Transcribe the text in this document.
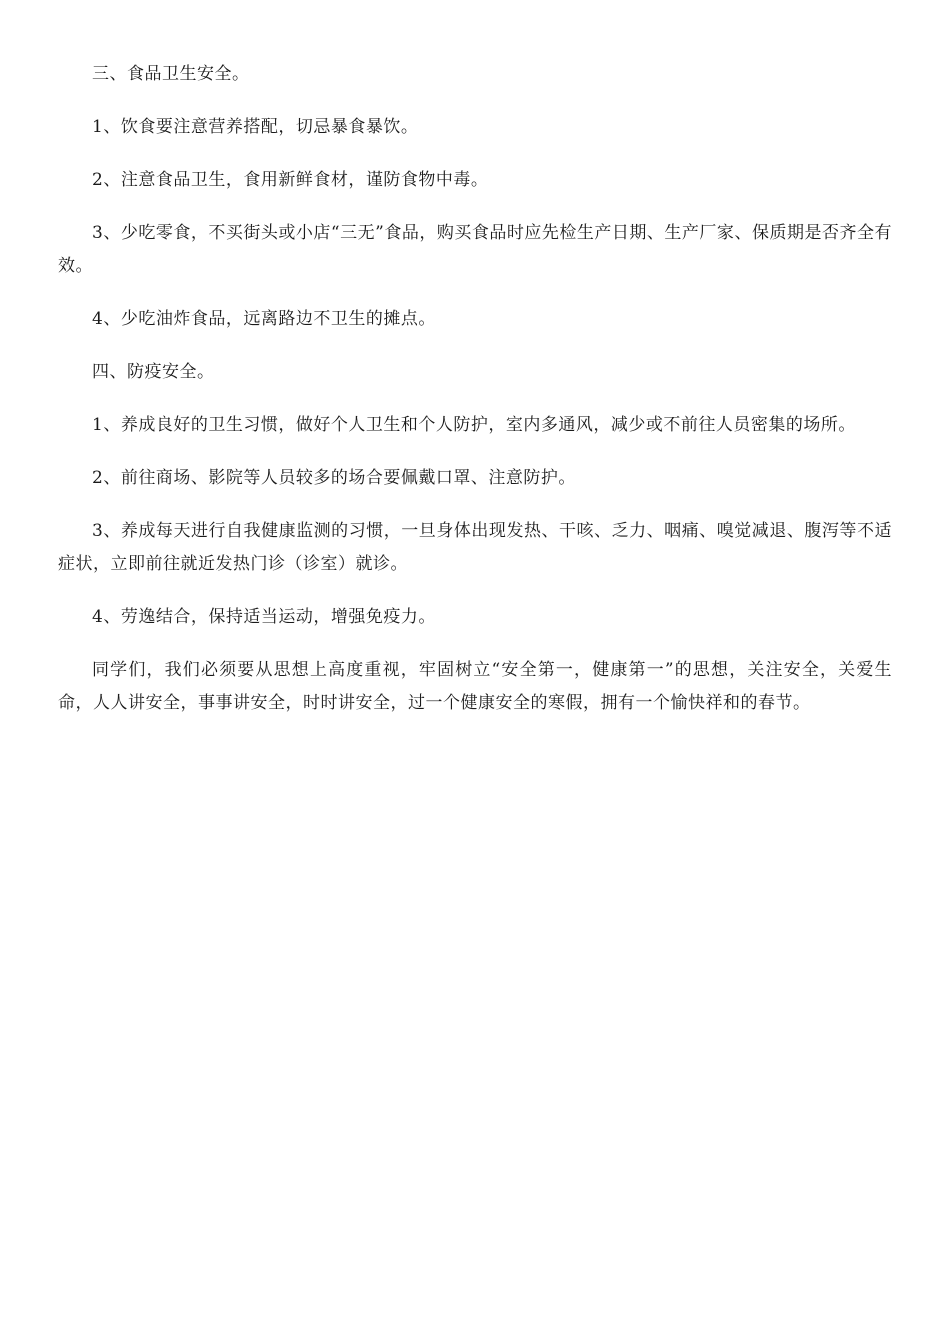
三、食品卫生安全。

1、饮食要注意营养搭配，切忌暴食暴饮。

2、注意食品卫生，食用新鲜食材，谨防食物中毒。

3、少吃零食，不买街头或小店“三无”食品，购买食品时应先检生产日期、生产厂家、保质期是否齐全有效。

4、少吃油炸食品，远离路边不卫生的摊点。

四、防疫安全。

1、养成良好的卫生习惯，做好个人卫生和个人防护，室内多通风，减少或不前往人员密集的场所。

2、前往商场、影院等人员较多的场合要佩戴口罩、注意防护。

3、养成每天进行自我健康监测的习惯，一旦身体出现发热、干咳、乏力、咽痛、嗅觉减退、腹泻等不适症状，立即前往就近发热门诊（诊室）就诊。

4、劳逸结合，保持适当运动，增强免疫力。

同学们，我们必须要从思想上高度重视，牢固树立“安全第一，健康第一”的思想，关注安全，关爱生命，人人讲安全，事事讲安全，时时讲安全，过一个健康安全的寒假，拥有一个愉快祥和的春节。
